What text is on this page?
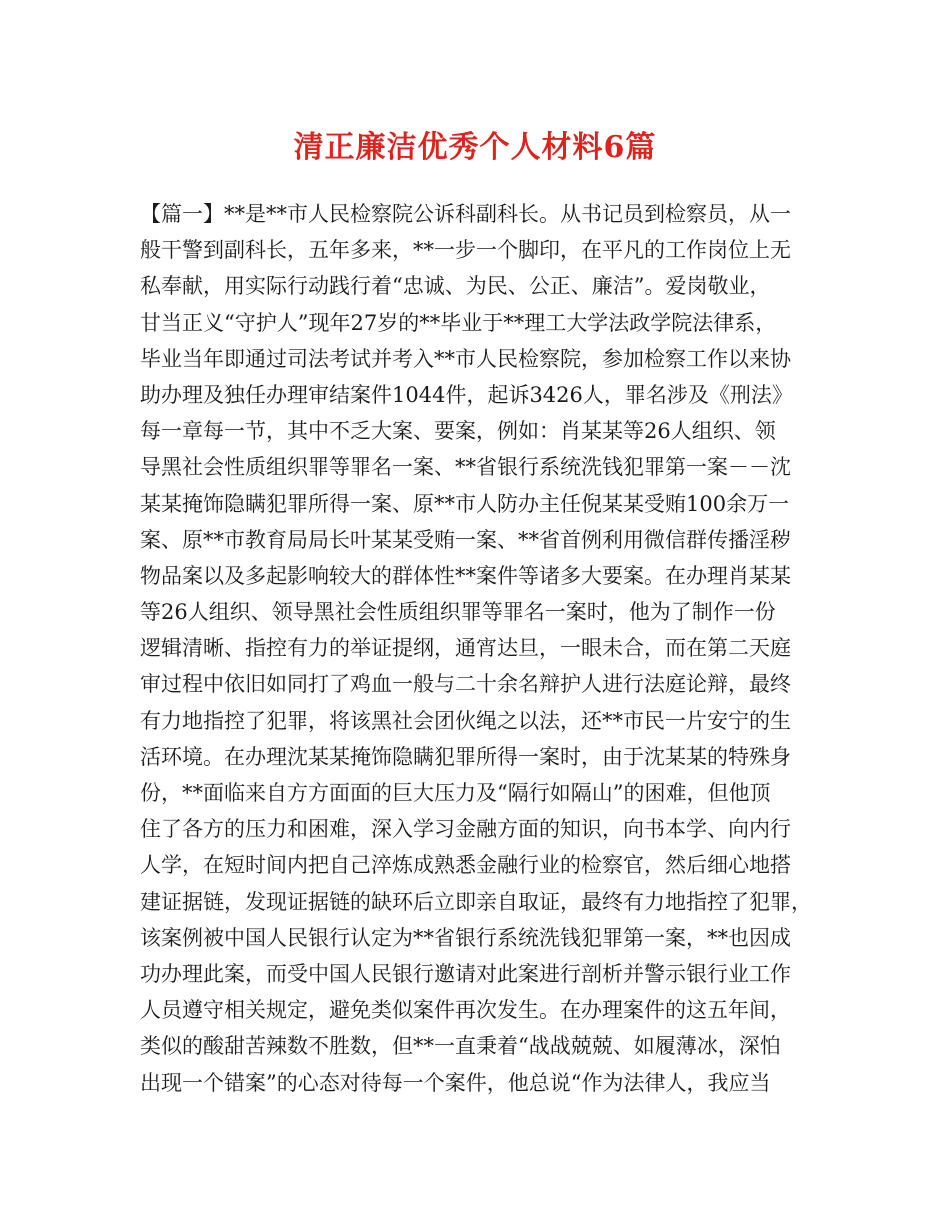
清正廉洁优秀个人材料6篇
【篇一】**是**市人民检察院公诉科副科长。从书记员到检察员，从一
般干警到副科长，五年多来，**一步一个脚印，在平凡的工作岗位上无
私奉献，用实际行动践行着“忠诚、为民、公正、廉洁”。爱岗敬业，
甘当正义“守护人”现年27岁的**毕业于**理工大学法政学院法律系，
毕业当年即通过司法考试并考入**市人民检察院，参加检察工作以来协
助办理及独任办理审结案件1044件，起诉3426人，罪名涉及《刑法》
每一章每一节，其中不乏大案、要案，例如：肖某某等26人组织、领
导黑社会性质组织罪等罪名一案、**省银行系统洗钱犯罪第一案－－沈
某某掩饰隐瞒犯罪所得一案、原**市人防办主任倪某某受贿100余万一
案、原**市教育局局长叶某某受贿一案、**省首例利用微信群传播淫秽
物品案以及多起影响较大的群体性**案件等诸多大要案。在办理肖某某
等26人组织、领导黑社会性质组织罪等罪名一案时，他为了制作一份
逻辑清晰、指控有力的举证提纲，通宵达旦，一眼未合，而在第二天庭
审过程中依旧如同打了鸡血一般与二十余名辩护人进行法庭论辩，最终
有力地指控了犯罪，将该黑社会团伙绳之以法，还**市民一片安宁的生
活环境。在办理沈某某掩饰隐瞒犯罪所得一案时，由于沈某某的特殊身
份，**面临来自方方面面的巨大压力及“隔行如隔山”的困难，但他顶
住了各方的压力和困难，深入学习金融方面的知识，向书本学、向内行
人学，在短时间内把自己淬炼成熟悉金融行业的检察官，然后细心地搭
建证据链，发现证据链的缺环后立即亲自取证，最终有力地指控了犯罪，
该案例被中国人民银行认定为**省银行系统洗钱犯罪第一案，**也因成
功办理此案，而受中国人民银行邀请对此案进行剖析并警示银行业工作
人员遵守相关规定，避免类似案件再次发生。在办理案件的这五年间，
类似的酸甜苦辣数不胜数，但**一直秉着“战战兢兢、如履薄冰，深怕
出现一个错案”的心态对待每一个案件，他总说“作为法律人，我应当
